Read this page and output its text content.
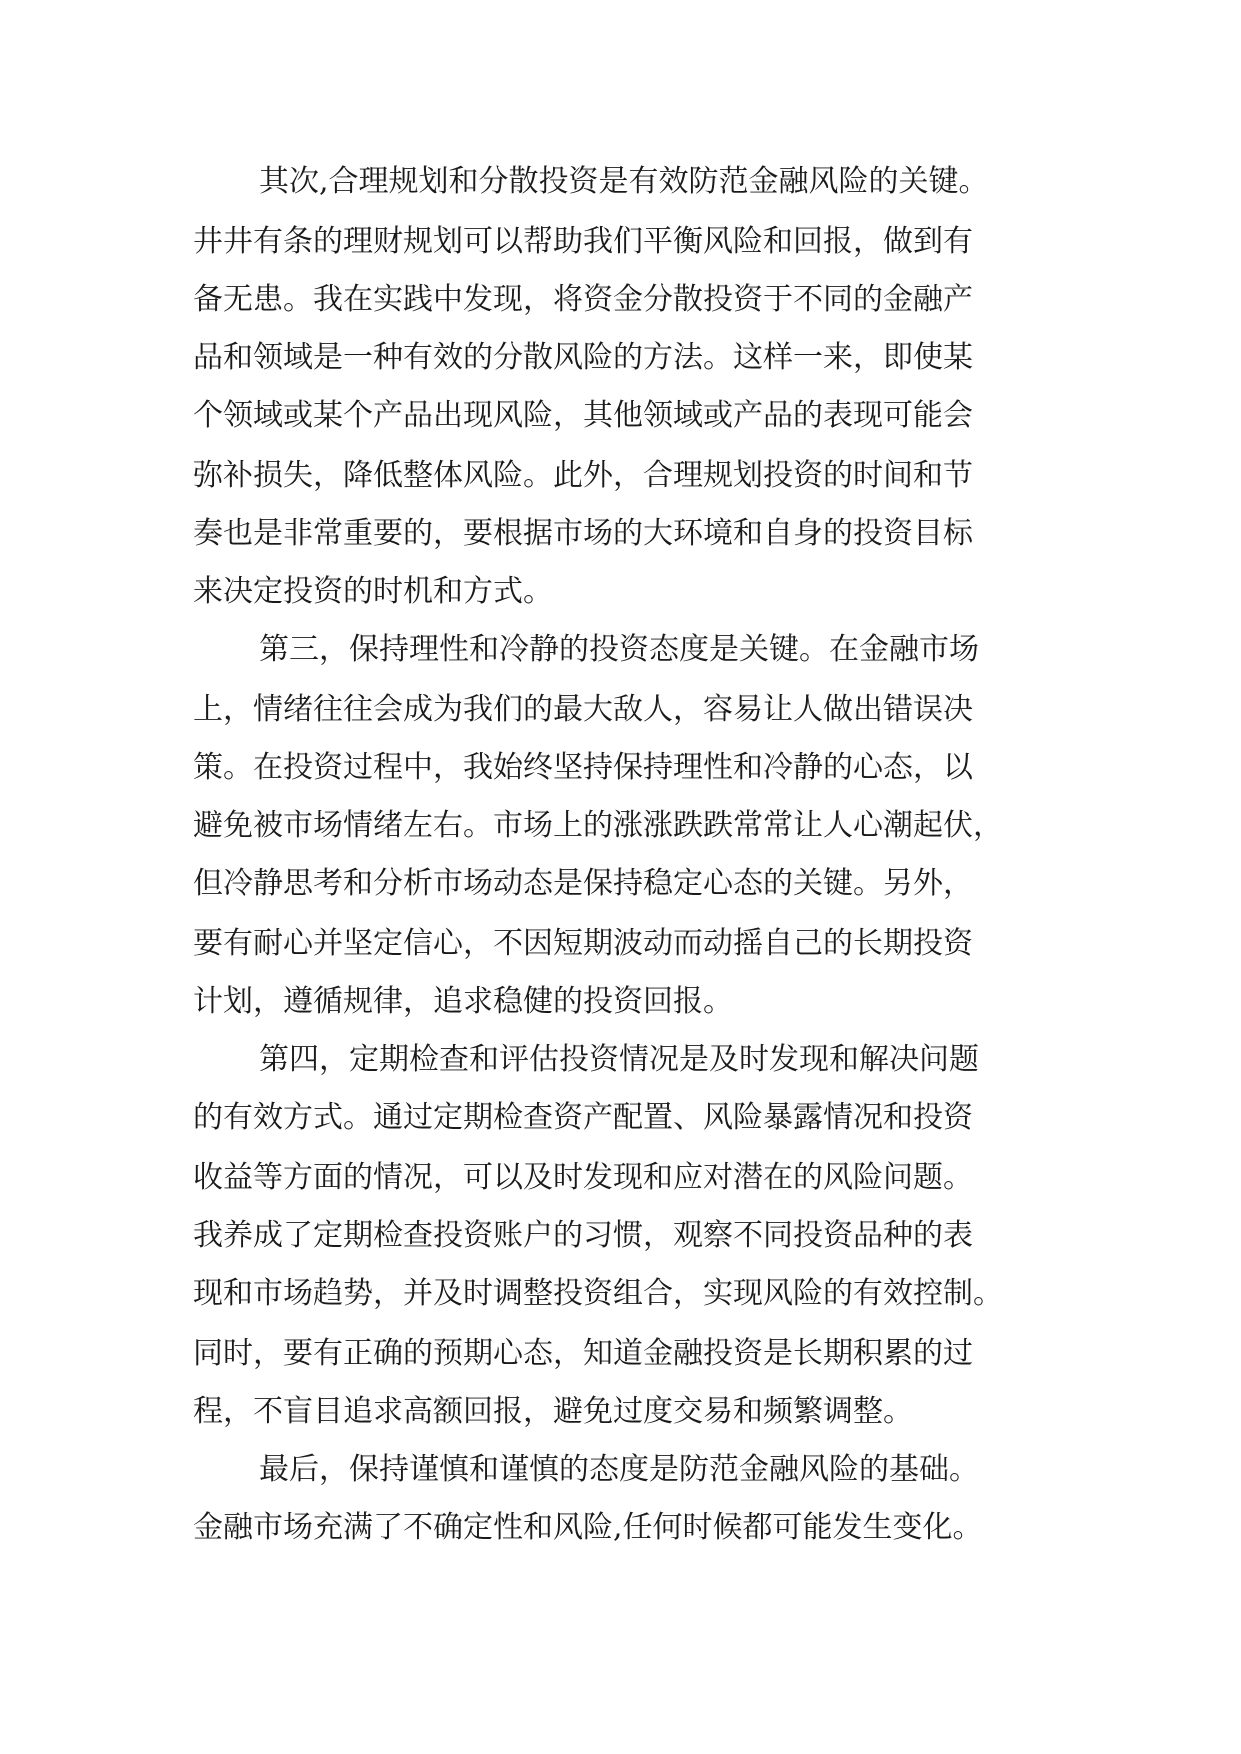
其次,合理规划和分散投资是有效防范金融风险的关键。
井井有条的理财规划可以帮助我们平衡风险和回报，做到有
备无患。我在实践中发现，将资金分散投资于不同的金融产
品和领域是一种有效的分散风险的方法。这样一来，即使某
个领域或某个产品出现风险，其他领域或产品的表现可能会
弥补损失，降低整体风险。此外，合理规划投资的时间和节
奏也是非常重要的，要根据市场的大环境和自身的投资目标
来决定投资的时机和方式。
第三，保持理性和冷静的投资态度是关键。在金融市场
上，情绪往往会成为我们的最大敌人，容易让人做出错误决
策。在投资过程中，我始终坚持保持理性和冷静的心态，以
避免被市场情绪左右。市场上的涨涨跌跌常常让人心潮起伏，
但冷静思考和分析市场动态是保持稳定心态的关键。另外，
要有耐心并坚定信心，不因短期波动而动摇自己的长期投资
计划，遵循规律，追求稳健的投资回报。
第四，定期检查和评估投资情况是及时发现和解决问题
的有效方式。通过定期检查资产配置、风险暴露情况和投资
收益等方面的情况，可以及时发现和应对潜在的风险问题。
我养成了定期检查投资账户的习惯，观察不同投资品种的表
现和市场趋势，并及时调整投资组合，实现风险的有效控制。
同时，要有正确的预期心态，知道金融投资是长期积累的过
程，不盲目追求高额回报，避免过度交易和频繁调整。
最后，保持谨慎和谨慎的态度是防范金融风险的基础。
金融市场充满了不确定性和风险,任何时候都可能发生变化。
